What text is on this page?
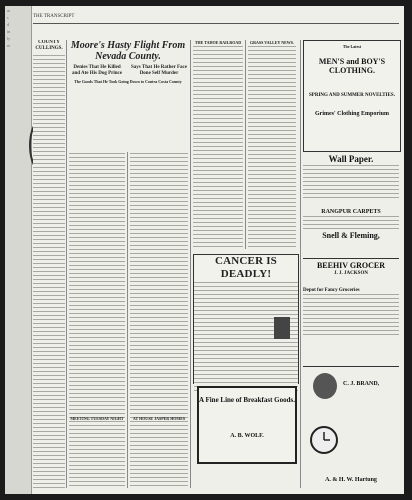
ar
s
d
in
ly
re
THE TRANSCRIPT
COUNTY CULLINGS. Moore's Hasty Flight From Nevada County.
Denies That He Killed and Ate His Dog Prince
Says That He Rather Face Done Self Murder
The Goods That He Took Going Down to Contra Costa County
MEETING TUESDAY NIGHT	AT HOUSE JASPER HOMES
THE TAHOE RAILROAD	GRASS VALLEY NEWS.
CANCER IS DEADLY!
A Fine Line of Breakfast Goods.
A. B. WOLF.
The Latest
MEN'S and BOY'S CLOTHING.
SPRING AND SUMMER NOVELTIES.
Grimes' Clothing Emporium
Wall Paper.
RANGPUR CARPETS
Snell & Fleming,
BEEHIV GROCER
J. J. JACKSON
Depot for Fancy Groceries
C. J. BRAND,
A. & H. W. Hartung
